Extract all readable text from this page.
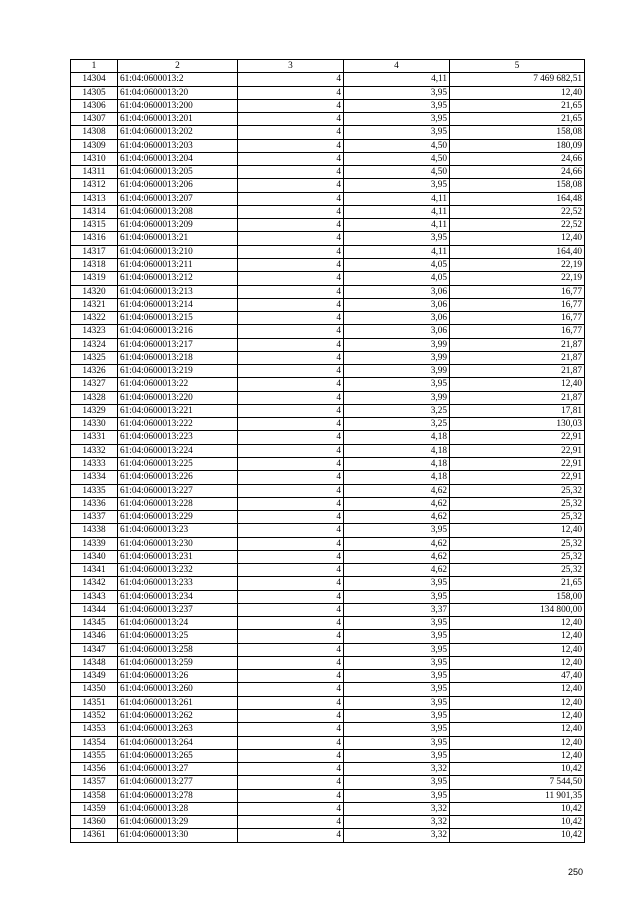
1	2	3	4	5
14304	61:04:0600013:2	4	4,11	7 469 682,51
14305	61:04:0600013:20	4	3,95	12,40
14306	61:04:0600013:200	4	3,95	21,65
14307	61:04:0600013:201	4	3,95	21,65
14308	61:04:0600013:202	4	3,95	158,08
14309	61:04:0600013:203	4	4,50	180,09
14310	61:04:0600013:204	4	4,50	24,66
14311	61:04:0600013:205	4	4,50	24,66
14312	61:04:0600013:206	4	3,95	158,08
14313	61:04:0600013:207	4	4,11	164,48
14314	61:04:0600013:208	4	4,11	22,52
14315	61:04:0600013:209	4	4,11	22,52
14316	61:04:0600013:21	4	3,95	12,40
14317	61:04:0600013:210	4	4,11	164,40
14318	61:04:0600013:211	4	4,05	22,19
14319	61:04:0600013:212	4	4,05	22,19
14320	61:04:0600013:213	4	3,06	16,77
14321	61:04:0600013:214	4	3,06	16,77
14322	61:04:0600013:215	4	3,06	16,77
14323	61:04:0600013:216	4	3,06	16,77
14324	61:04:0600013:217	4	3,99	21,87
14325	61:04:0600013:218	4	3,99	21,87
14326	61:04:0600013:219	4	3,99	21,87
14327	61:04:0600013:22	4	3,95	12,40
14328	61:04:0600013:220	4	3,99	21,87
14329	61:04:0600013:221	4	3,25	17,81
14330	61:04:0600013:222	4	3,25	130,03
14331	61:04:0600013:223	4	4,18	22,91
14332	61:04:0600013:224	4	4,18	22,91
14333	61:04:0600013:225	4	4,18	22,91
14334	61:04:0600013:226	4	4,18	22,91
14335	61:04:0600013:227	4	4,62	25,32
14336	61:04:0600013:228	4	4,62	25,32
14337	61:04:0600013:229	4	4,62	25,32
14338	61:04:0600013:23	4	3,95	12,40
14339	61:04:0600013:230	4	4,62	25,32
14340	61:04:0600013:231	4	4,62	25,32
14341	61:04:0600013:232	4	4,62	25,32
14342	61:04:0600013:233	4	3,95	21,65
14343	61:04:0600013:234	4	3,95	158,00
14344	61:04:0600013:237	4	3,37	134 800,00
14345	61:04:0600013:24	4	3,95	12,40
14346	61:04:0600013:25	4	3,95	12,40
14347	61:04:0600013:258	4	3,95	12,40
14348	61:04:0600013:259	4	3,95	12,40
14349	61:04:0600013:26	4	3,95	47,40
14350	61:04:0600013:260	4	3,95	12,40
14351	61:04:0600013:261	4	3,95	12,40
14352	61:04:0600013:262	4	3,95	12,40
14353	61:04:0600013:263	4	3,95	12,40
14354	61:04:0600013:264	4	3,95	12,40
14355	61:04:0600013:265	4	3,95	12,40
14356	61:04:0600013:27	4	3,32	10,42
14357	61:04:0600013:277	4	3,95	7 544,50
14358	61:04:0600013:278	4	3,95	11 901,35
14359	61:04:0600013:28	4	3,32	10,42
14360	61:04:0600013:29	4	3,32	10,42
14361	61:04:0600013:30	4	3,32	10,42
250
